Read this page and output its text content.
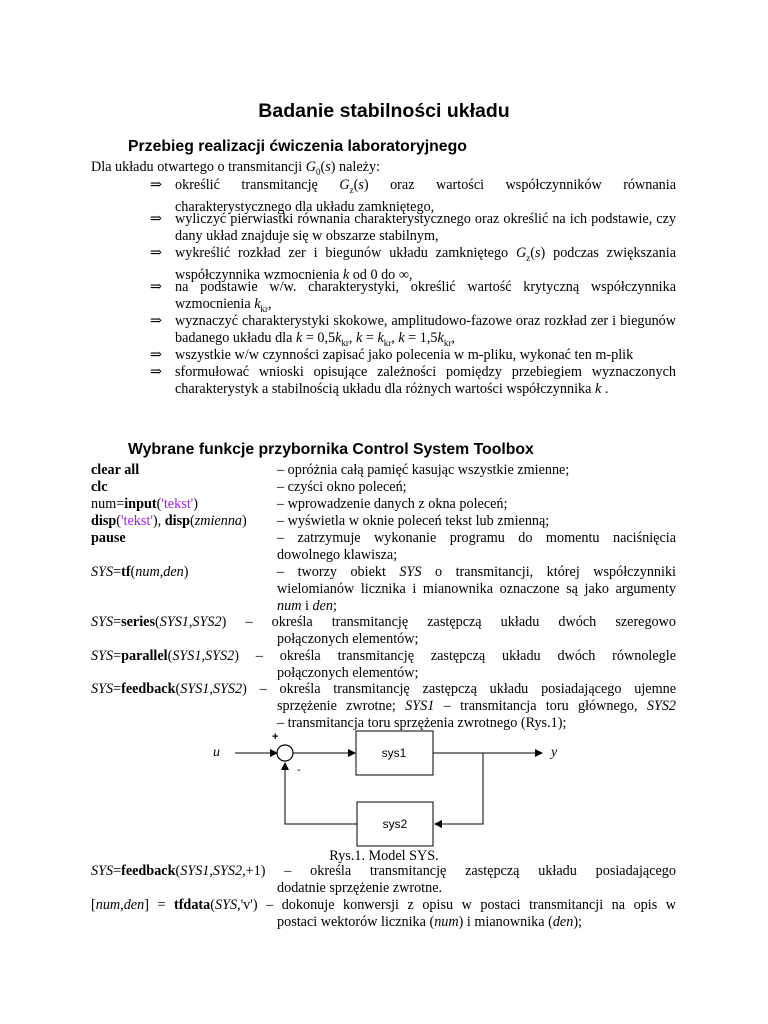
Badanie stabilności układu
Przebieg realizacji ćwiczenia laboratoryjnego
Dla układu otwartego o transmitancji $G_0(s)$ należy:
⇒ określić transmitancję $G_z(s)$ oraz wartości współczynników równania charakterystycznego dla układu zamkniętego,
⇒ wyliczyć pierwiastki równania charakterystycznego oraz określić na ich podstawie, czy dany układ znajduje się w obszarze stabilnym,
⇒ wykreślić rozkład zer i biegunów układu zamkniętego $G_z(s)$ podczas zwiększania współczynnika wzmocnienia k od 0 do ∞,
⇒ na podstawie w/w. charakterystyki, określić wartość krytyczną współczynnika wzmocnienia $k_{kr}$,
⇒ wyznaczyć charakterystyki skokowe, amplitudowo-fazowe oraz rozkład zer i biegunów badanego układu dla $k = 0,5k_{kr}$, $k = k_{kr}$, $k = 1,5k_{kr}$,
⇒ wszystkie w/w czynności zapisać jako polecenia w m-pliku, wykonać ten m-plik
⇒ sformułować wnioski opisujące zależności pomiędzy przebiegiem wyznaczonych charakterystyk a stabilnością układu dla różnych wartości współczynnika k .
Wybrane funkcje przybornika Control System Toolbox
clear all	– opróżnia całą pamięć kasując wszystkie zmienne;
clc	– czyści okno poleceń;
num=input('tekst')	– wprowadzenie danych z okna poleceń;
disp('tekst'), disp(zmienna) – wyświetla w oknie poleceń tekst lub zmienną;
pause	– zatrzymuje wykonanie programu do momentu naciśnięcia dowolnego klawisza;
SYS=tf(num,den)	– tworzy obiekt SYS o transmitancji, której współczynniki wielomianów licznika i mianownika oznaczone są jako argumenty num i den;
SYS=series(SYS1,SYS2) – określa transmitancję zastępczą układu dwóch szeregowo
połączonych elementów;
SYS=parallel(SYS1,SYS2) – określa transmitancję zastępczą układu dwóch równolegle
połączonych elementów;
SYS=feedback(SYS1,SYS2) – określa transmitancję zastępczą układu posiadającego ujemne
sprzężenie zwrotne; SYS1 – transmitancja toru głównego, SYS2
– transmitancja toru sprzężenia zwrotnego (Rys.1);
u	y
+
-
sys1
sys2
Rys.1. Model SYS.
SYS=feedback(SYS1,SYS2,+1) – określa transmitancję zastępczą układu posiadającego
dodatnie sprzężenie zwrotne.
[num,den] = tfdata(SYS,'v') – dokonuje konwersji z opisu w postaci transmitancji na opis w
postaci wektorów licznika (num) i mianownika (den);
